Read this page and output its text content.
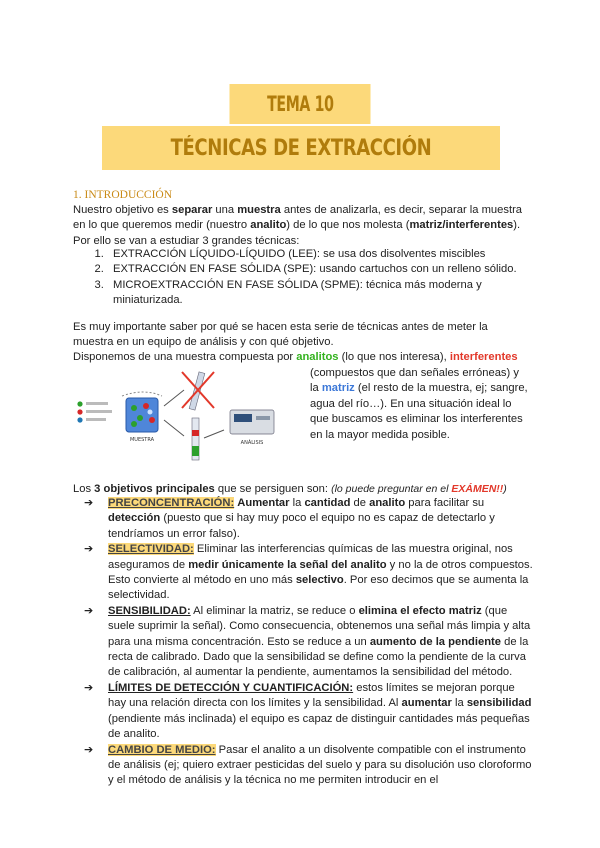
TEMA 10
TÉCNICAS DE EXTRACCIÓN
1. INTRODUCCIÓN
Nuestro objetivo es separar una muestra antes de analizarla, es decir, separar la muestra en lo que queremos medir (nuestro analito) de lo que nos molesta (matriz/interferentes). Por ello se van a estudiar 3 grandes técnicas:
1. EXTRACCIÓN LÍQUIDO-LÍQUIDO (LEE): se usa dos disolventes miscibles
2. EXTRACCIÓN EN FASE SÓLIDA (SPE): usando cartuchos con un relleno sólido.
3. MICROEXTRACCIÓN EN FASE SÓLIDA (SPME): técnica más moderna y miniaturizada.
Es muy importante saber por qué se hacen esta serie de técnicas antes de meter la muestra en un equipo de análisis y con qué objetivo.
Disponemos de una muestra compuesta por analitos (lo que nos interesa), interferentes
(compuestos que dan señales erróneas) y la matriz (el resto de la muestra, ej; sangre, agua del río…). En una situación ideal lo que buscamos es eliminar los interferentes en la mayor medida posible.
MUESTRA	ANÁLISIS
Los 3 objetivos principales que se persiguen son: (lo puede preguntar en el EXÁMEN!!)
➔ PRECONCENTRACIÓN: Aumentar la cantidad de analito para facilitar su detección (puesto que si hay muy poco el equipo no es capaz de detectarlo y tendríamos un error falso).
➔ SELECTIVIDAD: Eliminar las interferencias químicas de las muestra original, nos aseguramos de medir únicamente la señal del analito y no la de otros compuestos. Esto convierte al método en uno más selectivo. Por eso decimos que se aumenta la selectividad.
➔ SENSIBILIDAD: Al eliminar la matriz, se reduce o elimina el efecto matriz (que suele suprimir la señal). Como consecuencia, obtenemos una señal más limpia y alta para una misma concentración. Esto se reduce a un aumento de la pendiente de la recta de calibrado. Dado que la sensibilidad se define como la pendiente de la curva de calibración, al aumentar la pendiente, aumentamos la sensibilidad del método.
➔ LÍMITES DE DETECCIÓN Y CUANTIFICACIÓN: estos límites se mejoran porque hay una relación directa con los límites y la sensibilidad. Al aumentar la sensibilidad (pendiente más inclinada) el equipo es capaz de distinguir cantidades más pequeñas de analito.
➔ CAMBIO DE MEDIO: Pasar el analito a un disolvente compatible con el instrumento de análisis (ej; quiero extraer pesticidas del suelo y para su disolución uso cloroformo y el método de análisis y la técnica no me permiten introducir en el
